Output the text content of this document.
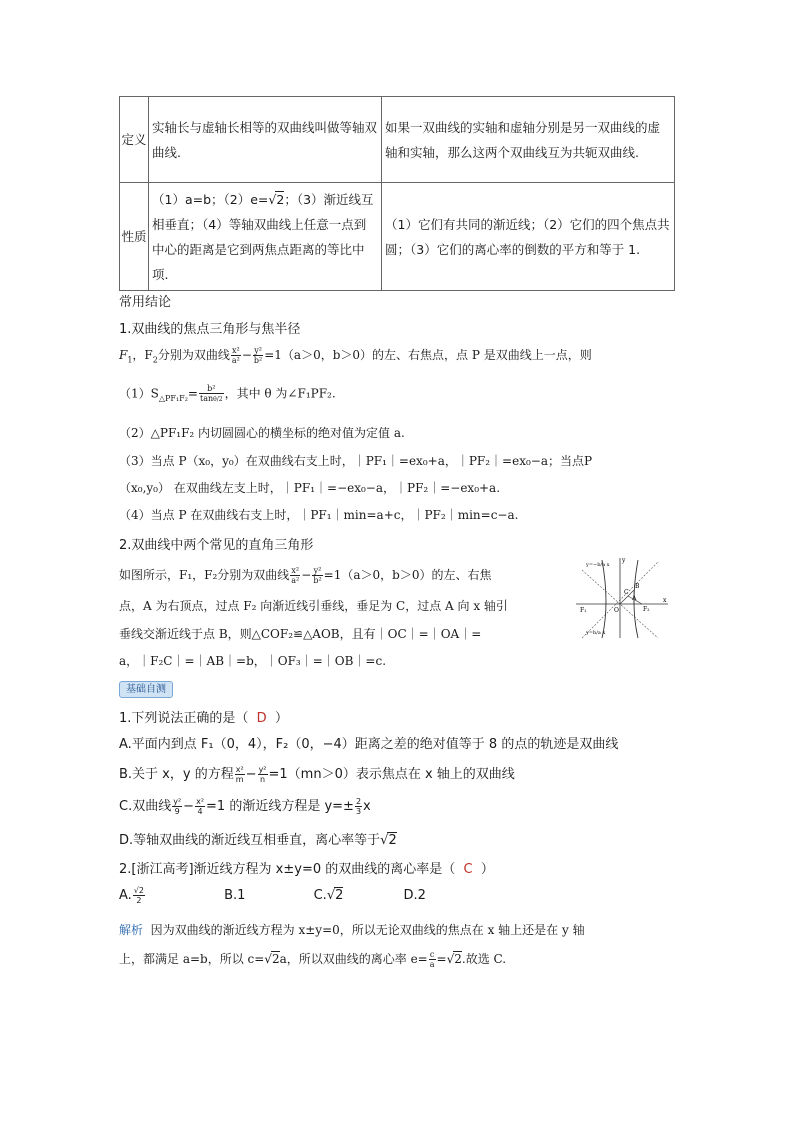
定义	实轴长与虚轴长相等的双曲线叫做等轴双曲线.	如果一双曲线的实轴和虚轴分别是另一双曲线的虚轴和实轴，那么这两个双曲线互为共轭双曲线.
性质	（1）a=b；（2）e=√2；（3）渐近线互相垂直；（4）等轴双曲线上任意一点到中心的距离是它到两焦点距离的等比中项.	（1）它们有共同的渐近线；（2）它们的四个焦点共圆；（3）它们的离心率的倒数的平方和等于 1.
常用结论
1.双曲线的焦点三角形与焦半径
$F_1$，$F_2$分别为双曲线 $\frac{\text{x²}}{\text{a²}} - \frac{\text{y²}}{\text{b²}} =1(a>0$，b＞0）的左、右焦点，点 P 是双曲线上一点，则
$(1)S_{\triangle PF_1F_2}= \frac{\text{b²}}{\tan\theta/2}$ ，其中 θ 为∠F₁PF₂.
（2）△PF₁F₂ 内切圆圆心的横坐标的绝对值为定值 a.
（3）当点 P（x₀，y₀）在双曲线右支上时，｜PF₁｜=ex₀+a，｜PF₂｜=ex₀−a；当点P
（x₀,y₀） 在双曲线左支上时，｜PF₁｜=−ex₀−a，｜PF₂｜=−ex₀+a.
（4）当点 P 在双曲线右支上时，｜PF₁｜min=a+c，｜PF₂｜min=c−a.
2.双曲线中两个常见的直角三角形
如图所示，F₁，F₂分别为双曲线 $\frac{\text{x²}}{\text{a²}} - \frac{\text{y²}}{\text{b²}} =1(a>0$，b＞0）的左、右焦
点，A 为右顶点，过点 F₂ 向渐近线引垂线，垂足为 C，过点 A 向 x 轴引
垂线交渐近线于点 B，则△COF₂≌△AOB，且有｜OC｜=｜OA｜=
a，｜F₂C｜=｜AB｜=b，｜OF₃｜=｜OB｜=c.
F₁	O
A
F₂
x
y
B
C
y=−b/a x
y=b/a x
基础自测
1.下列说法正确的是（ D ）
A.平面内到点 F₁（0，4），F₂（0，−4）距离之差的绝对值等于 8 的点的轨迹是双曲线
B.关于 x，y 的方程 $\frac{\text{x²}}{m} - \frac{\text{y²}}{n} =1(mn>0)$表示焦点在 x 轴上的双曲线
C.双曲线 $\frac{\text{y²}}{9} - \frac{\text{x²}}{4} =1$ 的渐近线方程是 $y=\pm \frac{2}{3}$ x
D.等轴双曲线的渐近线互相垂直，离心率等于√2
2.[浙江高考]渐近线方程为 x±y=0 的双曲线的离心率是（ C ）
A. $\frac{√2}{2}$	B.1	C.√2	D.2
解析 因为双曲线的渐近线方程为 x±y=0，所以无论双曲线的焦点在 x 轴上还是在 y 轴
上，都满足 a=b，所以 c=√2a，所以双曲线的离心率 $e= \frac{c}{a} =√2$.故选 C.
